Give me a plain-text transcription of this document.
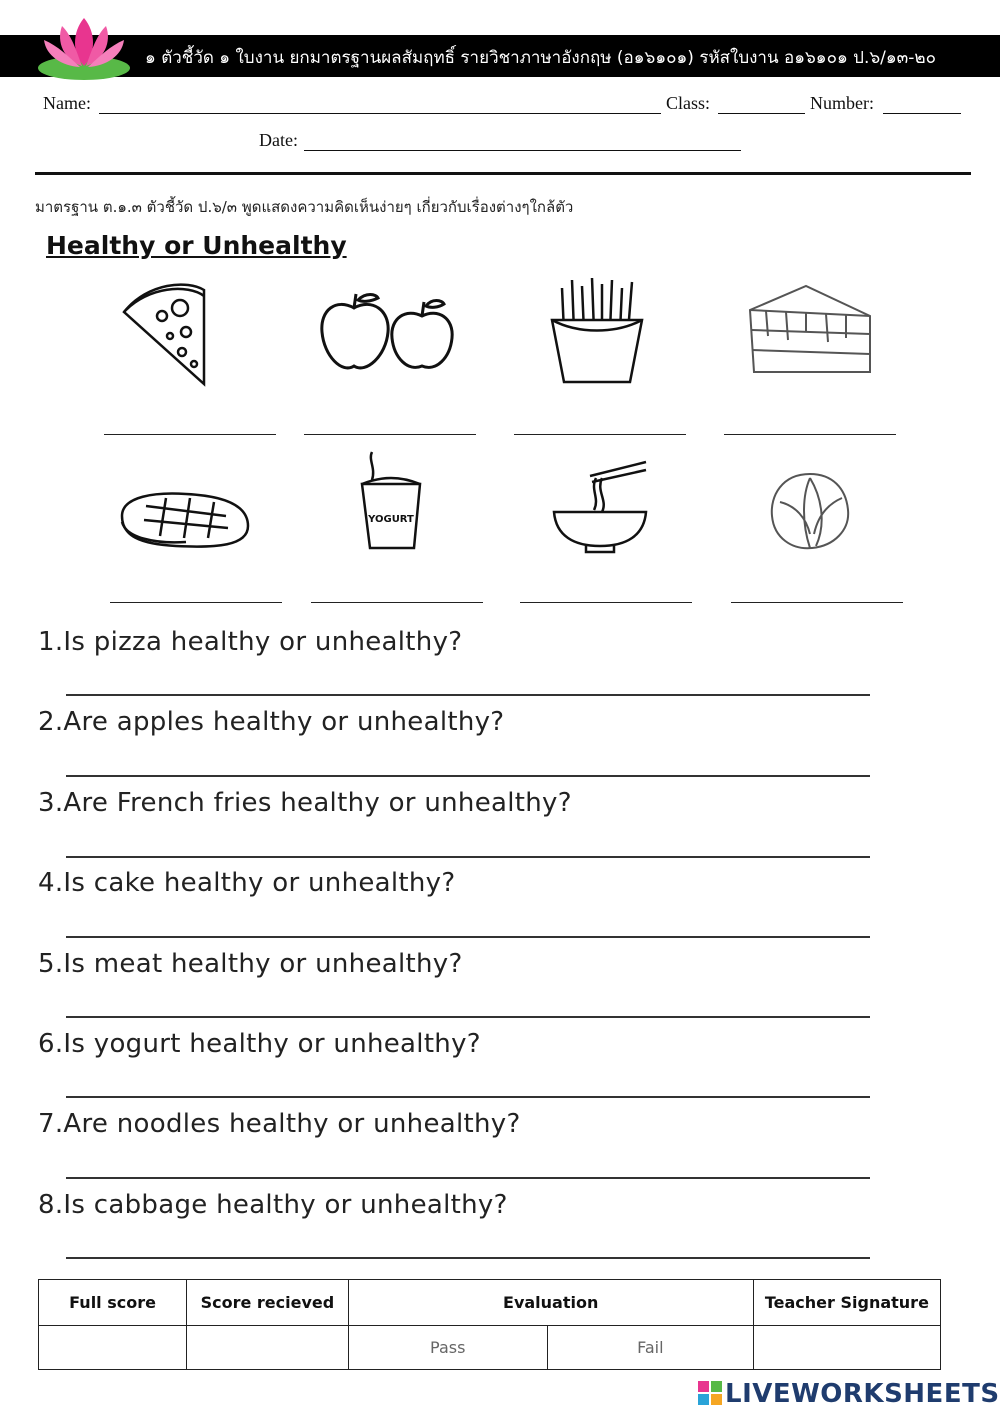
๑ ตัวชี้วัด ๑ ใบงาน ยกมาตรฐานผลสัมฤทธิ์ รายวิชาภาษาอังกฤษ (อ๑๖๑๐๑) รหัสใบงาน อ๑๖๑๐๑ ป.๖/๑๓-๒๐
Name:	Class:	Number:
Date:
มาตรฐาน ต.๑.๓ ตัวชี้วัด ป.๖/๓ พูดแสดงความคิดเห็นง่ายๆ เกี่ยวกับเรื่องต่างๆใกล้ตัว
Healthy or Unhealthy
YOGURT
1.Is pizza healthy or unhealthy?
2.Are apples healthy or unhealthy?
3.Are French fries healthy or unhealthy?
4.Is cake healthy or unhealthy?
5.Is meat healthy or unhealthy?
6.Is yogurt healthy or unhealthy?
7.Are noodles healthy or unhealthy?
8.Is cabbage healthy or unhealthy?
Full score	Score recieved	Evaluation		Teacher Signature
		Pass	Fail	
LIVEWORKSHEETS
